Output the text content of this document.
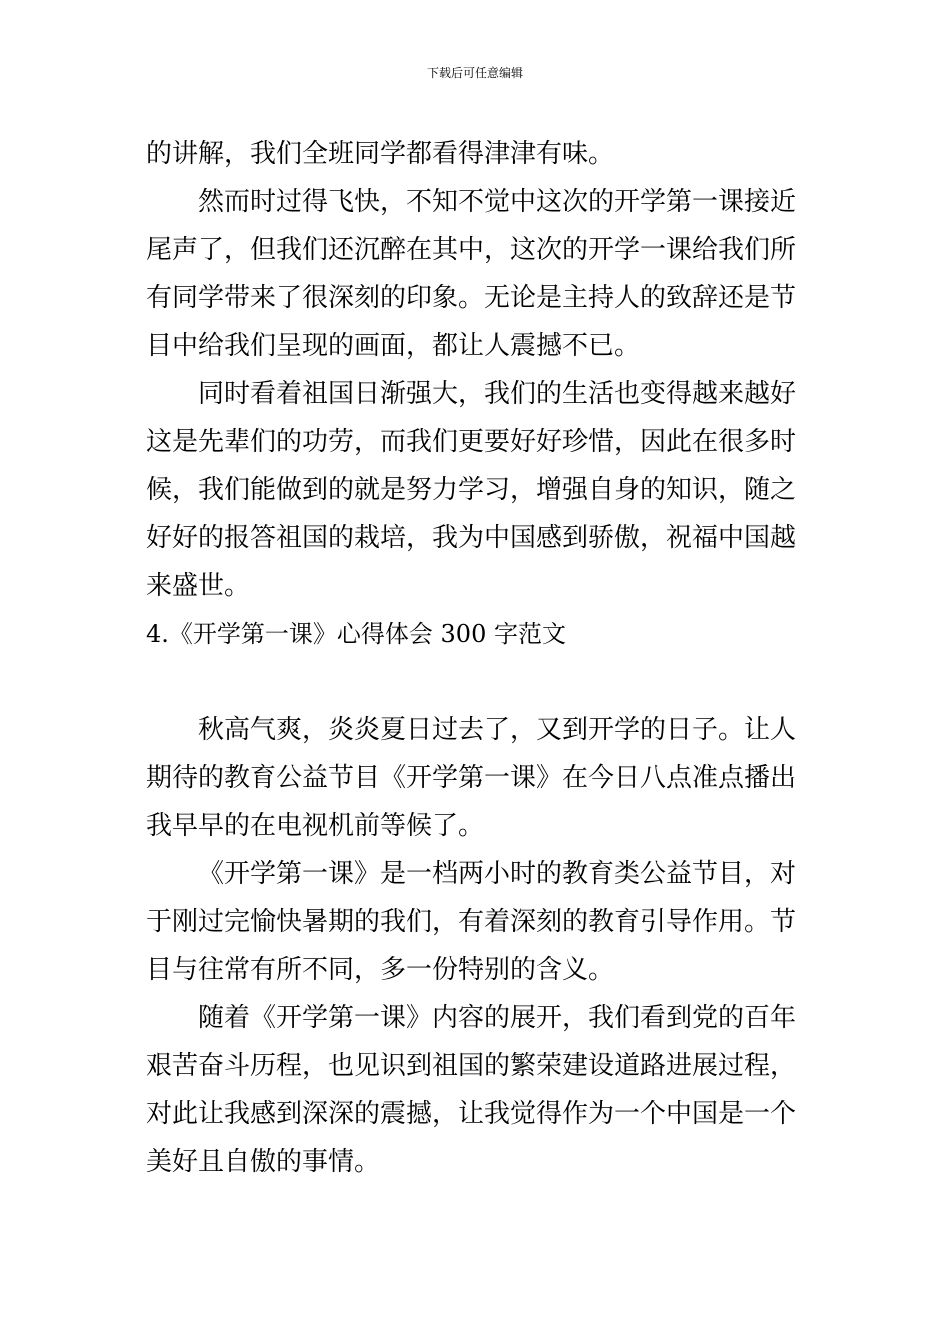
下载后可任意编辑

的讲解，我们全班同学都看得津津有味。

然而时过得飞快，不知不觉中这次的开学第一课接近尾声了，但我们还沉醉在其中，这次的开学一课给我们所有同学带来了很深刻的印象。无论是主持人的致辞还是节目中给我们呈现的画面，都让人震撼不已。

同时看着祖国日渐强大，我们的生活也变得越来越好这是先辈们的功劳，而我们更要好好珍惜，因此在很多时候，我们能做到的就是努力学习，增强自身的知识，随之好好的报答祖国的栽培，我为中国感到骄傲，祝福中国越来盛世。

4.《开学第一课》心得体会 300 字范文

秋高气爽，炎炎夏日过去了，又到开学的日子。让人期待的教育公益节目《开学第一课》在今日八点准点播出我早早的在电视机前等候了。

《开学第一课》是一档两小时的教育类公益节目，对于刚过完愉快暑期的我们，有着深刻的教育引导作用。节目与往常有所不同，多一份特别的含义。

随着《开学第一课》内容的展开，我们看到党的百年艰苦奋斗历程，也见识到祖国的繁荣建设道路进展过程，对此让我感到深深的震撼，让我觉得作为一个中国是一个美好且自傲的事情。
